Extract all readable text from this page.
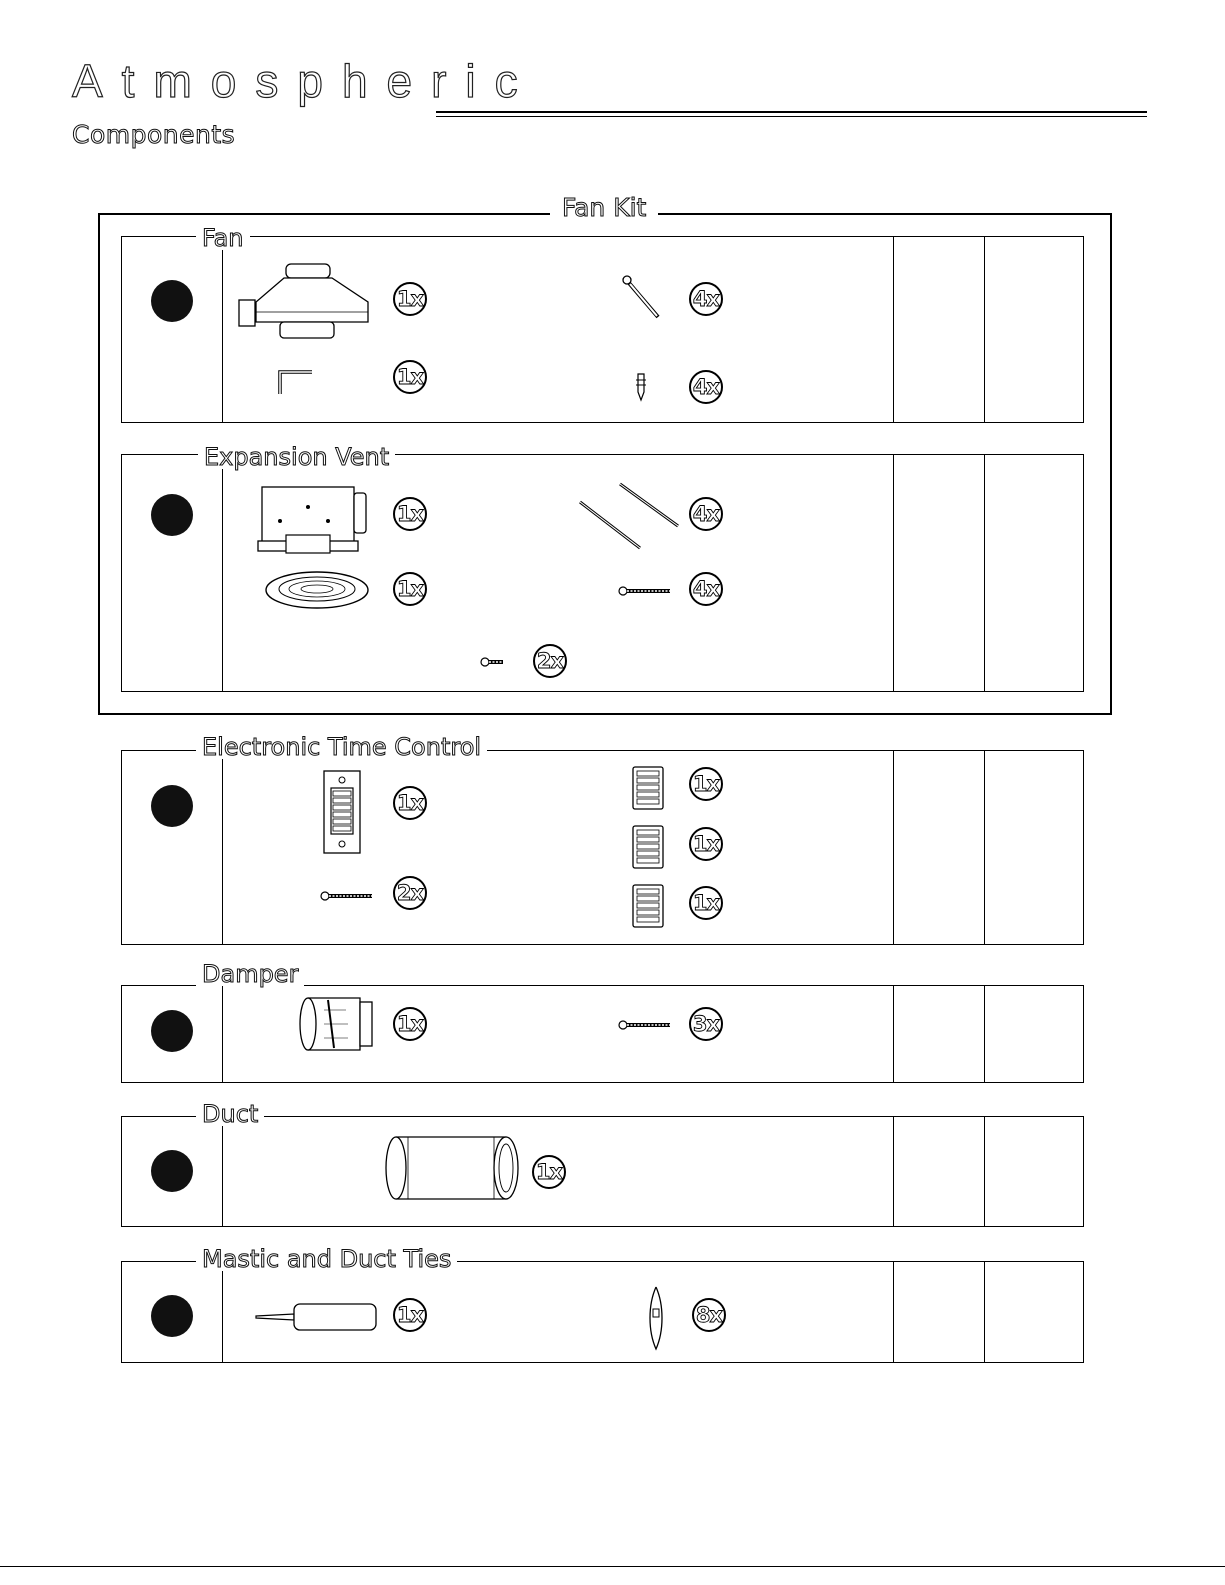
Atmospheric
Components
Fan Kit
Fan
1x	4x
1x	4x
Expansion Vent
1x	4x
1x	4x
2x
Electronic Time Control
1x
1x
1x
2x	1x
Damper
1x	3x
Duct
1x
Mastic and Duct Ties
1x	8x
